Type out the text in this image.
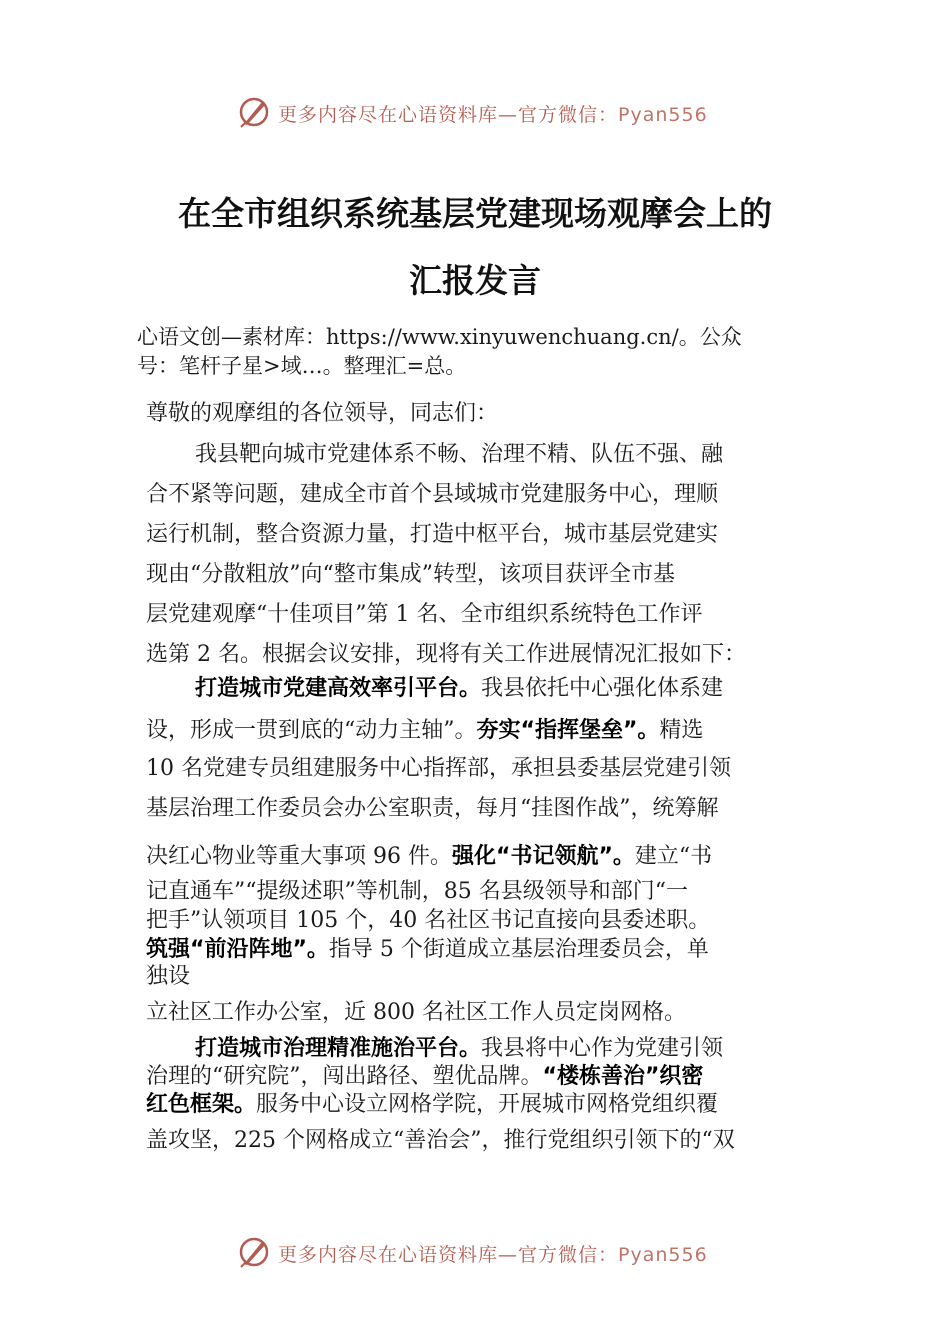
更多内容尽在心语资料库—官方微信：Pyan556
在全市组织系统基层党建现场观摩会上的
汇报发言
心语文创—素材库：https://www.xinyuwenchuang.cn/。公众
号：笔杆子星>域…。整理汇=总。
尊敬的观摩组的各位领导，同志们：
我县靶向城市党建体系不畅、治理不精、队伍不强、融
合不紧等问题，建成全市首个县域城市党建服务中心，理顺
运行机制，整合资源力量，打造中枢平台，城市基层党建实
现由“分散粗放”向“整市集成”转型，该项目获评全市基
层党建观摩“十佳项目”第 1 名、全市组织系统特色工作评
选第 2 名。根据会议安排，现将有关工作进展情况汇报如下：
打造城市党建高效率引平台。我县依托中心强化体系建
设，形成一贯到底的“动力主轴”。夯实“指挥堡垒”。精选
10 名党建专员组建服务中心指挥部，承担县委基层党建引领
基层治理工作委员会办公室职责，每月“挂图作战”，统筹解
决红心物业等重大事项 96 件。强化“书记领航”。建立“书
记直通车”“提级述职”等机制，85 名县级领导和部门“一
把手”认领项目 105 个，40 名社区书记直接向县委述职。
筑强“前沿阵地”。指导 5 个街道成立基层治理委员会，单
独设
立社区工作办公室，近 800 名社区工作人员定岗网格。
打造城市治理精准施治平台。我县将中心作为党建引领
治理的“研究院”，闯出路径、塑优品牌。“楼栋善治”织密
红色框架。服务中心设立网格学院，开展城市网格党组织覆
盖攻坚，225 个网格成立“善治会”，推行党组织引领下的“双
更多内容尽在心语资料库—官方微信：Pyan556
